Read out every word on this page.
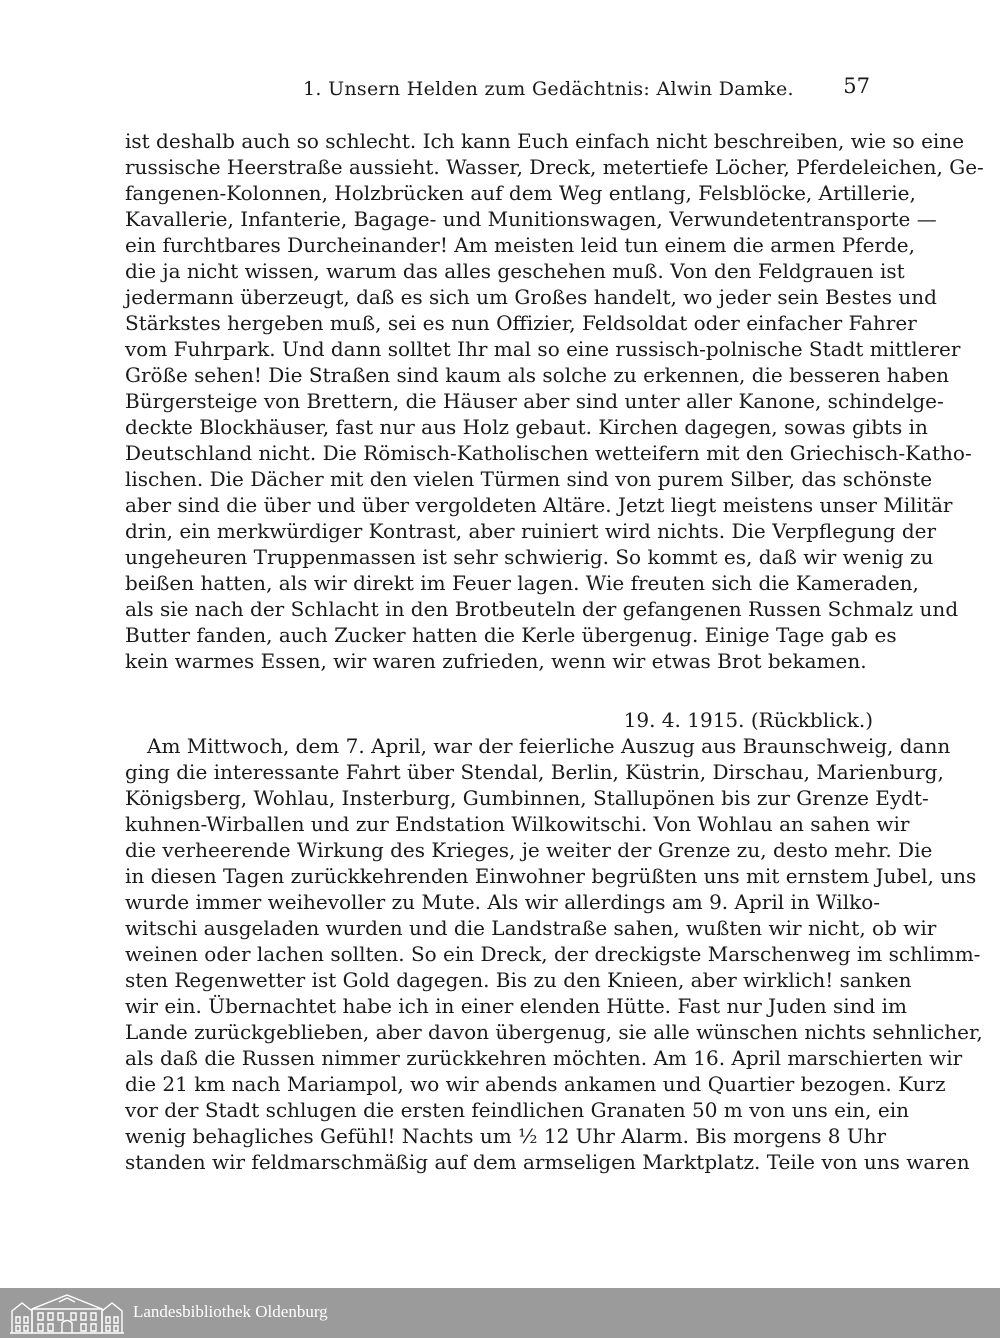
1. Unsern Helden zum Gedächtnis: Alwin Damke. 57
ist deshalb auch so schlecht. Ich kann Euch einfach nicht beschreiben, wie so eine
russische Heerstraße aussieht. Wasser, Dreck, metertiefe Löcher, Pferdeleichen, Ge-
fangenen-Kolonnen, Holzbrücken auf dem Weg entlang, Felsblöcke, Artillerie,
Kavallerie, Infanterie, Bagage- und Munitionswagen, Verwundetentransporte —
ein furchtbares Durcheinander! Am meisten leid tun einem die armen Pferde,
die ja nicht wissen, warum das alles geschehen muß. Von den Feldgrauen ist
jedermann überzeugt, daß es sich um Großes handelt, wo jeder sein Bestes und
Stärkstes hergeben muß, sei es nun Offizier, Feldsoldat oder einfacher Fahrer
vom Fuhrpark. Und dann solltet Ihr mal so eine russisch-polnische Stadt mittlerer
Größe sehen! Die Straßen sind kaum als solche zu erkennen, die besseren haben
Bürgersteige von Brettern, die Häuser aber sind unter aller Kanone, schindelge-
deckte Blockhäuser, fast nur aus Holz gebaut. Kirchen dagegen, sowas gibts in
Deutschland nicht. Die Römisch-Katholischen wetteifern mit den Griechisch-Katho-
lischen. Die Dächer mit den vielen Türmen sind von purem Silber, das schönste
aber sind die über und über vergoldeten Altäre. Jetzt liegt meistens unser Militär
drin, ein merkwürdiger Kontrast, aber ruiniert wird nichts. Die Verpflegung der
ungeheuren Truppenmassen ist sehr schwierig. So kommt es, daß wir wenig zu
beißen hatten, als wir direkt im Feuer lagen. Wie freuten sich die Kameraden,
als sie nach der Schlacht in den Brotbeuteln der gefangenen Russen Schmalz und
Butter fanden, auch Zucker hatten die Kerle übergenug. Einige Tage gab es
kein warmes Essen, wir waren zufrieden, wenn wir etwas Brot bekamen.
19. 4. 1915. (Rückblick.)
Am Mittwoch, dem 7. April, war der feierliche Auszug aus Braunschweig, dann
ging die interessante Fahrt über Stendal, Berlin, Küstrin, Dirschau, Marienburg,
Königsberg, Wohlau, Insterburg, Gumbinnen, Stallupönen bis zur Grenze Eydt-
kuhnen-Wirballen und zur Endstation Wilkowitschi. Von Wohlau an sahen wir
die verheerende Wirkung des Krieges, je weiter der Grenze zu, desto mehr. Die
in diesen Tagen zurückkehrenden Einwohner begrüßten uns mit ernstem Jubel, uns
wurde immer weihevoller zu Mute. Als wir allerdings am 9. April in Wilko-
witschi ausgeladen wurden und die Landstraße sahen, wußten wir nicht, ob wir
weinen oder lachen sollten. So ein Dreck, der dreckigste Marschenweg im schlimm-
sten Regenwetter ist Gold dagegen. Bis zu den Knieen, aber wirklich! sanken
wir ein. Übernachtet habe ich in einer elenden Hütte. Fast nur Juden sind im
Lande zurückgeblieben, aber davon übergenug, sie alle wünschen nichts sehnlicher,
als daß die Russen nimmer zurückkehren möchten. Am 16. April marschierten wir
die 21 km nach Mariampol, wo wir abends ankamen und Quartier bezogen. Kurz
vor der Stadt schlugen die ersten feindlichen Granaten 50 m von uns ein, ein
wenig behagliches Gefühl! Nachts um ½ 12 Uhr Alarm. Bis morgens 8 Uhr
standen wir feldmarschmäßig auf dem armseligen Marktplatz. Teile von uns waren
Landesbibliothek Oldenburg
